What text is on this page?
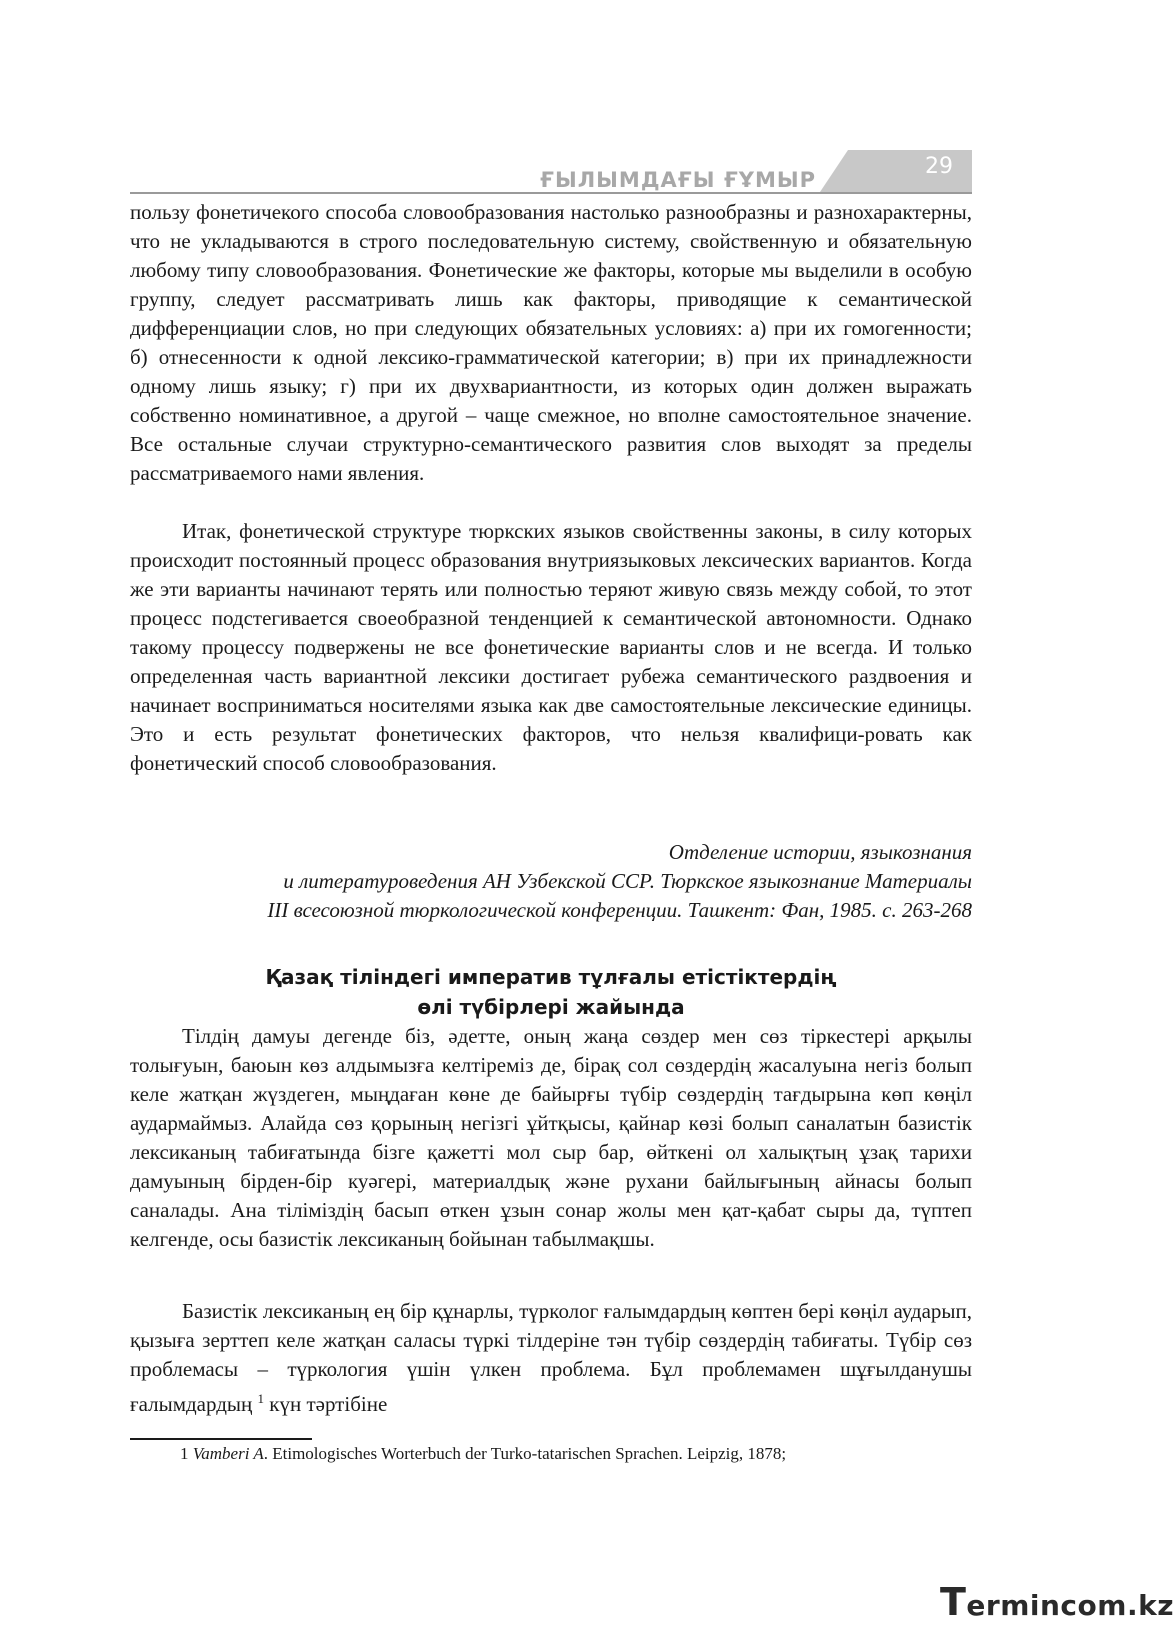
ҒЫЛЫМДАҒЫ ҒҰМЫР
29

пользу фонетичекого способа словообразования настолько разнообразны и разнохарактерны, что не укладываются в строго последовательную систему, свойственную и обязательную любому типу словообразования. Фонетические же факторы, которые мы выделили в особую группу, следует рассматривать лишь как факторы, приводящие к семантической дифференциации слов, но при следующих обязательных условиях: а) при их гомогенности; б) отнесенности к одной лексико-грамматической категории; в) при их принадлежности одному лишь языку; г) при их двухвариантности, из которых один должен выражать собственно номинативное, а другой – чаще смежное, но вполне самостоятельное значение. Все остальные случаи структурно-семантического развития слов выходят за пределы рассматриваемого нами явления.

Итак, фонетической структуре тюркских языков свойственны законы, в силу которых происходит постоянный процесс образования внутриязыковых лексических вариантов. Когда же эти варианты начинают терять или полностью теряют живую связь между собой, то этот процесс подстегивается своеобразной тенденцией к семантической автономности. Однако такому процессу подвержены не все фонетические варианты слов и не всегда. И только определенная часть вариантной лексики достигает рубежа семантического раздвоения и начинает восприниматься носителями языка как две самостоятельные лексические единицы. Это и есть результат фонетических факторов, что нельзя квалифици-ровать как фонетический способ словообразования.

Отделение истории, языкознания
и литературоведения АН Узбекской ССР. Тюркское языкознание Материалы
III всесоюзной тюркологической конференции. Ташкент: Фан, 1985. с. 263-268
Қазақ тіліндегі императив тұлғалы етістіктердің
өлі түбірлері жайында

Тілдің дамуы дегенде біз, әдетте, оның жаңа сөздер мен сөз тіркестері арқылы толығуын, баюын көз алдымызға келтіреміз де, бірақ сол сөздердің жасалуына негіз болып келе жатқан жүздеген, мыңдаған көне де байырғы түбір сөздердің тағдырына көп көңіл аудармаймыз. Алайда сөз қорының негізгі ұйтқысы, қайнар көзі болып саналатын базистік лексиканың табиғатында бізге қажетті мол сыр бар, өйткені ол халықтың ұзақ тарихи дамуының бірден-бір куәгері, материалдық және рухани байлығының айнасы болып саналады. Ана тіліміздің басып өткен ұзын сонар жолы мен қат-қабат сыры да, түптеп келгенде, осы базистік лексиканың бойынан табылмақшы.

Базистік лексиканың ең бір құнарлы, түрколог ғалымдардың көптен бері көңіл аударып, қызыға зерттеп келе жатқан саласы түркі тілдеріне тән түбір сөздердің табиғаты. Түбір сөз проблемасы – түркология үшін үлкен проблема. Бұл проблемамен шұғылданушы ғалымдардың $^1$ күн тәртібіне

1 Vamberi A. Etimologisches Worterbuch der Turko-tatarischen Sprachen. Leipzig, 1878;
Termincоm.kz
